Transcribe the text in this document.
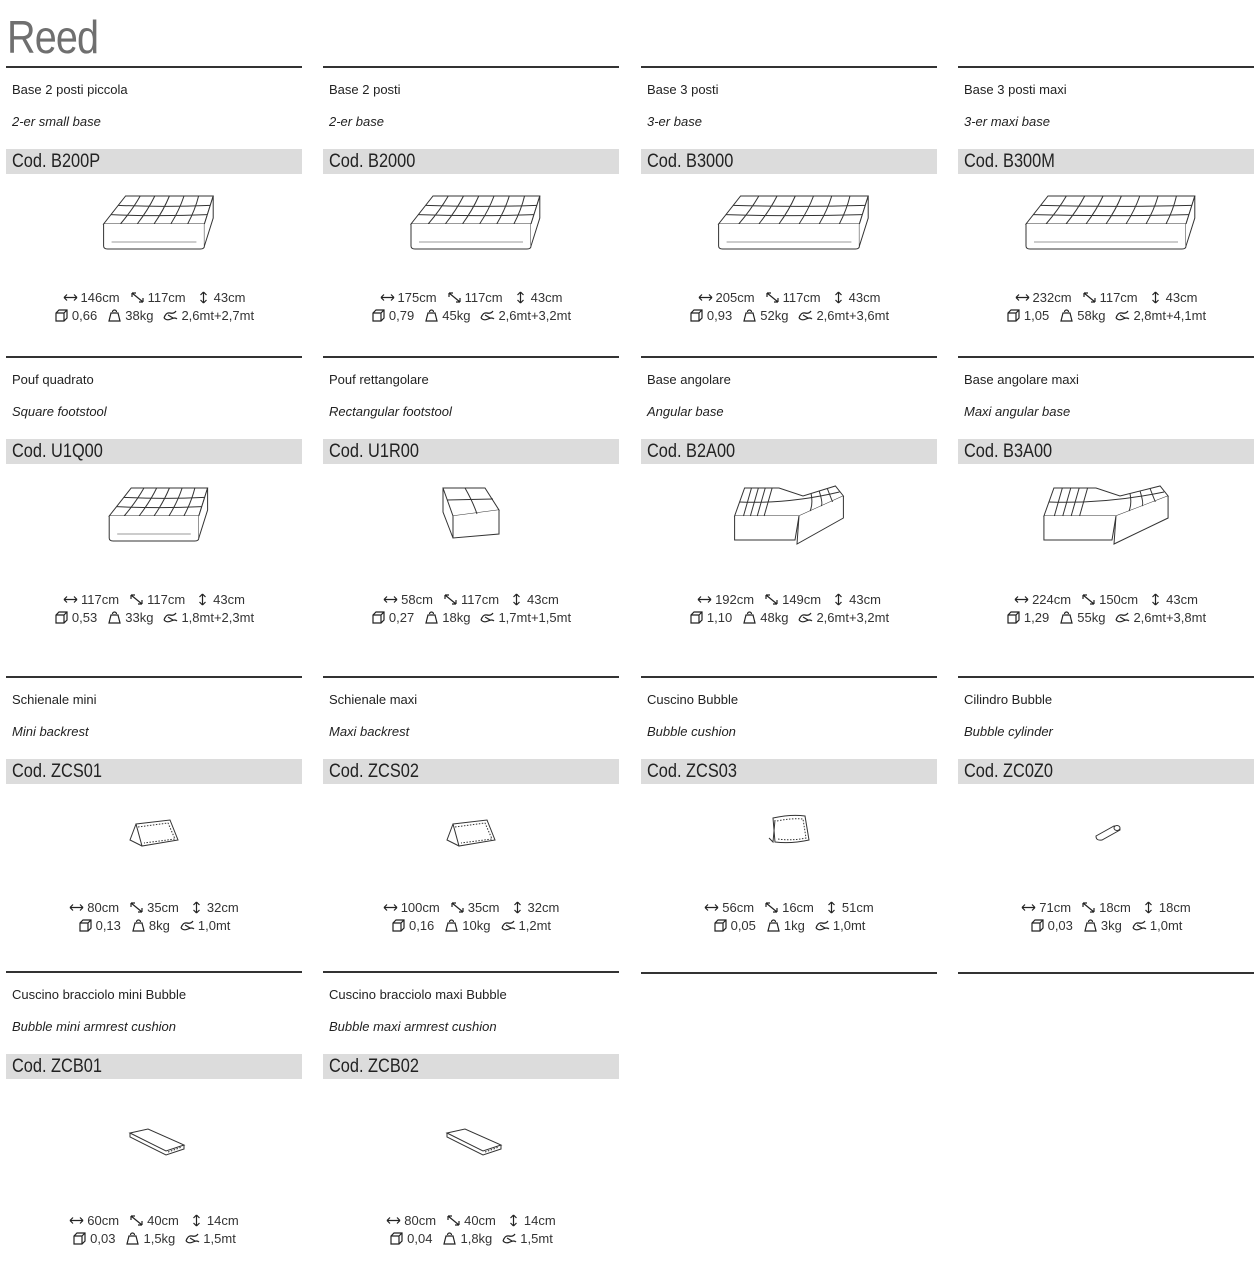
Reed
Base 2 posti piccola
2-er small base
Cod. B200P
146cm 117cm 43cm
0,66 38kg 2,6mt+2,7mt
Base 2 posti
2-er base
Cod. B2000
175cm 117cm 43cm
0,79 45kg 2,6mt+3,2mt
Base 3 posti
3-er base
Cod. B3000
205cm 117cm 43cm
0,93 52kg 2,6mt+3,6mt
Base 3 posti maxi
3-er maxi base
Cod. B300M
232cm 117cm 43cm
1,05 58kg 2,8mt+4,1mt
Pouf quadrato
Square footstool
Cod. U1Q00
117cm 117cm 43cm
0,53 33kg 1,8mt+2,3mt
Pouf rettangolare
Rectangular footstool
Cod. U1R00
58cm 117cm 43cm
0,27 18kg 1,7mt+1,5mt
Base angolare
Angular base
Cod. B2A00
192cm 149cm 43cm
1,10 48kg 2,6mt+3,2mt
Base angolare maxi
Maxi angular base
Cod. B3A00
224cm 150cm 43cm
1,29 55kg 2,6mt+3,8mt
Schienale mini
Mini backrest
Cod. ZCS01
80cm 35cm 32cm
0,13 8kg 1,0mt
Schienale maxi
Maxi backrest
Cod. ZCS02
100cm 35cm 32cm
0,16 10kg 1,2mt
Cuscino Bubble
Bubble cushion
Cod. ZCS03
56cm 16cm 51cm
0,05 1kg 1,0mt
Cilindro Bubble
Bubble cylinder
Cod. ZC0Z0
71cm 18cm 18cm
0,03 3kg 1,0mt
Cuscino bracciolo mini Bubble
Bubble mini armrest cushion
Cod. ZCB01
60cm 40cm 14cm
0,03 1,5kg 1,5mt
Cuscino bracciolo maxi Bubble
Bubble maxi armrest cushion
Cod. ZCB02
80cm 40cm 14cm
0,04 1,8kg 1,5mt
